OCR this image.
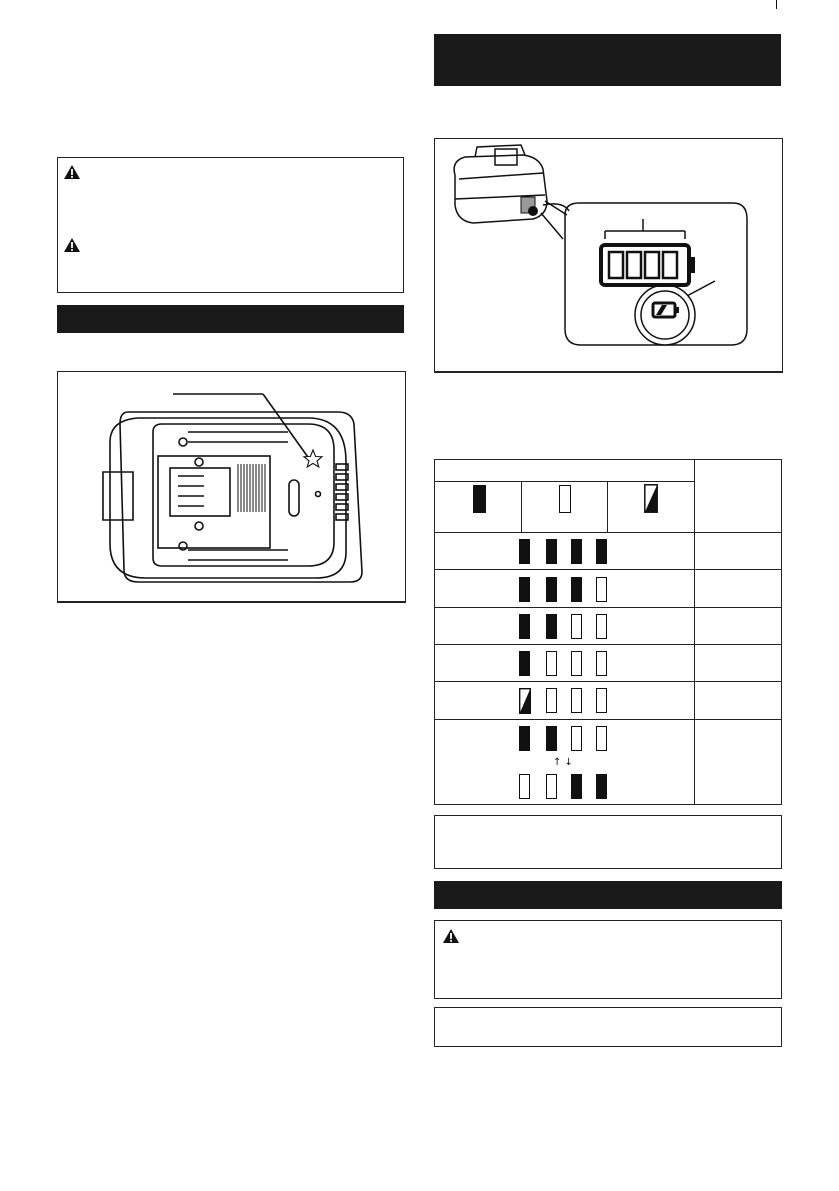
↑ ↓
